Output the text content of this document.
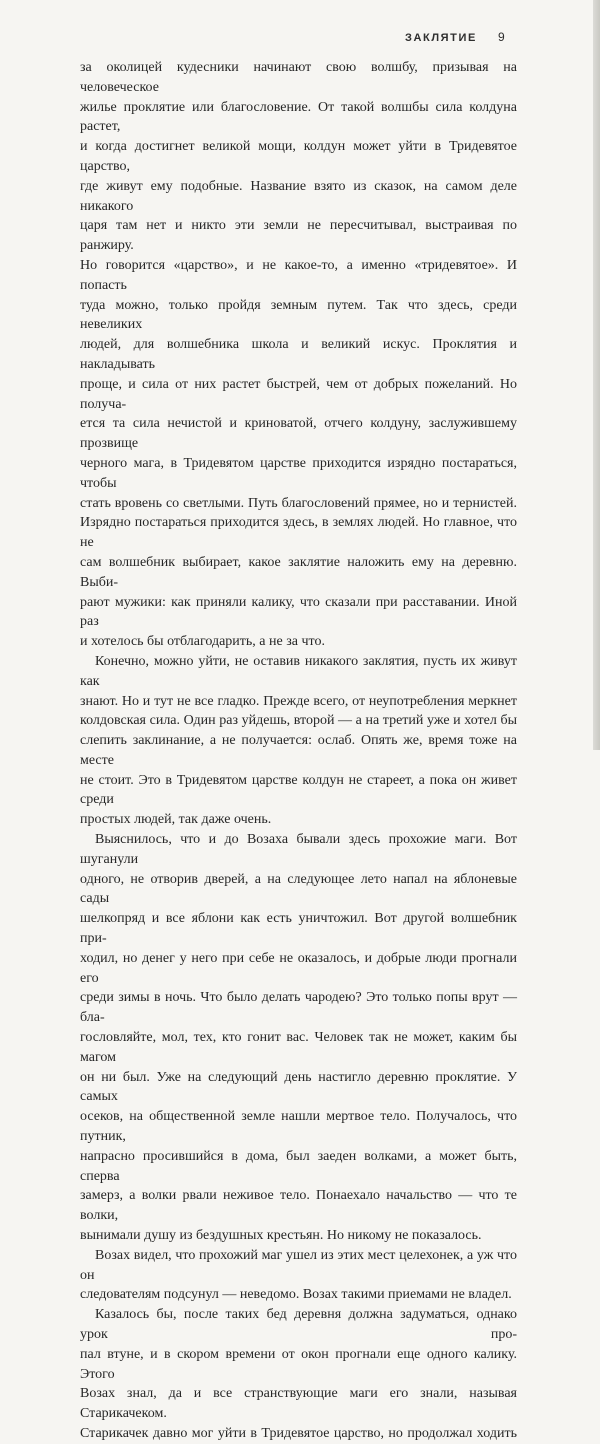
ЗАКЛЯТИЕ 9

за околицей кудесники начинают свою волшбу, призывая на человеческое
жилье проклятие или благословение. От такой волшбы сила колдуна растет,
и когда достигнет великой мощи, колдун может уйти в Тридевятое царство,
где живут ему подобные. Название взято из сказок, на самом деле никакого
царя там нет и никто эти земли не пересчитывал, выстраивая по ранжиру.
Но говорится «царство», и не какое-то, а именно «тридевятое». И попасть
туда можно, только пройдя земным путем. Так что здесь, среди невеликих
людей, для волшебника школа и великий искус. Проклятия и накладывать
проще, и сила от них растет быстрей, чем от добрых пожеланий. Но получа-
ется та сила нечистой и криноватой, отчего колдуну, заслужившему прозвище
черного мага, в Тридевятом царстве приходится изрядно постараться, чтобы
стать вровень со светлыми. Путь благословений прямее, но и тернистей.
Изрядно постараться приходится здесь, в землях людей. Но главное, что не
сам волшебник выбирает, какое заклятие наложить ему на деревню. Выби-
рают мужики: как приняли калику, что сказали при расставании. Иной раз
и хотелось бы отблагодарить, а не за что.

Конечно, можно уйти, не оставив никакого заклятия, пусть их живут как
знают. Но и тут не все гладко. Прежде всего, от неупотребления меркнет
колдовская сила. Один раз уйдешь, второй — а на третий уже и хотел бы
слепить заклинание, а не получается: ослаб. Опять же, время тоже на месте
не стоит. Это в Тридевятом царстве колдун не стареет, а пока он живет среди
простых людей, так даже очень.

Выяснилось, что и до Возаха бывали здесь прохожие маги. Вот шуганули
одного, не отворив дверей, а на следующее лето напал на яблоневые сады
шелкопряд и все яблони как есть уничтожил. Вот другой волшебник при-
ходил, но денег у него при себе не оказалось, и добрые люди прогнали его
среди зимы в ночь. Что было делать чародею? Это только попы врут — бла-
гословляйте, мол, тех, кто гонит вас. Человек так не может, каким бы магом
он ни был. Уже на следующий день настигло деревню проклятие. У самых
осеков, на общественной земле нашли мертвое тело. Получалось, что путник,
напрасно просившийся в дома, был заеден волками, а может быть, сперва
замерз, а волки рвали неживое тело. Понаехало начальство — что те волки,
вынимали душу из бездушных крестьян. Но никому не показалось.

Возах видел, что прохожий маг ушел из этих мест целехонек, а уж что он
следователям подсунул — неведомо. Возах такими приемами не владел.

Казалось бы, после таких бед деревня должна задуматься, однако урок про-
пал втуне, и в скором времени от окон прогнали еще одного калику. Этого
Возах знал, да и все странствующие маги его знали, называя Старикачеком.
Старикачек давно мог уйти в Тридевятое царство, но продолжал ходить
